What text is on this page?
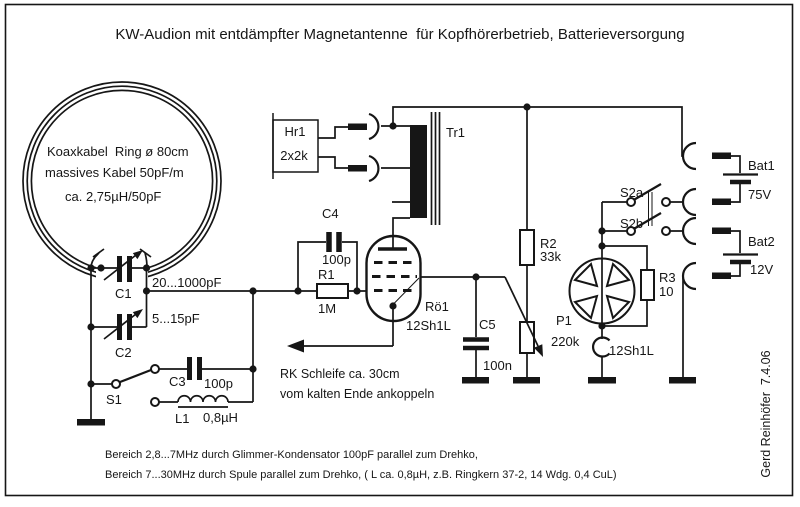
KW-Audion mit entdämpfter Magnetantenne  für Kopfhörerbetrieb, Batterieversorgung
Koaxkabel  Ring ø 80cm
massives Kabel 50pF/m
ca. 2,75µH/50pF
C1
20...1000pF
C2
5...15pF
S1
C3 100p
L1 0,8µH
R1
1M
C4
100p
Rö1
12Sh1L
RK Schleife ca. 30cm
vom kalten Ende ankoppeln
Tr1
Hr1
2x2k
R2
33k
P1
220k
C5
100n
12Sh1L
R3
10
S2a
S2b
Bat1
75V
Bat2
12V
Bereich 2,8...7MHz durch Glimmer-Kondensator 100pF parallel zum Drehko,
Bereich 7...30MHz durch Spule parallel zum Drehko, ( L ca. 0,8µH, z.B. Ringkern 37-2, 14 Wdg. 0,4 CuL)	Gerd Reinhöfer  7.4.06
